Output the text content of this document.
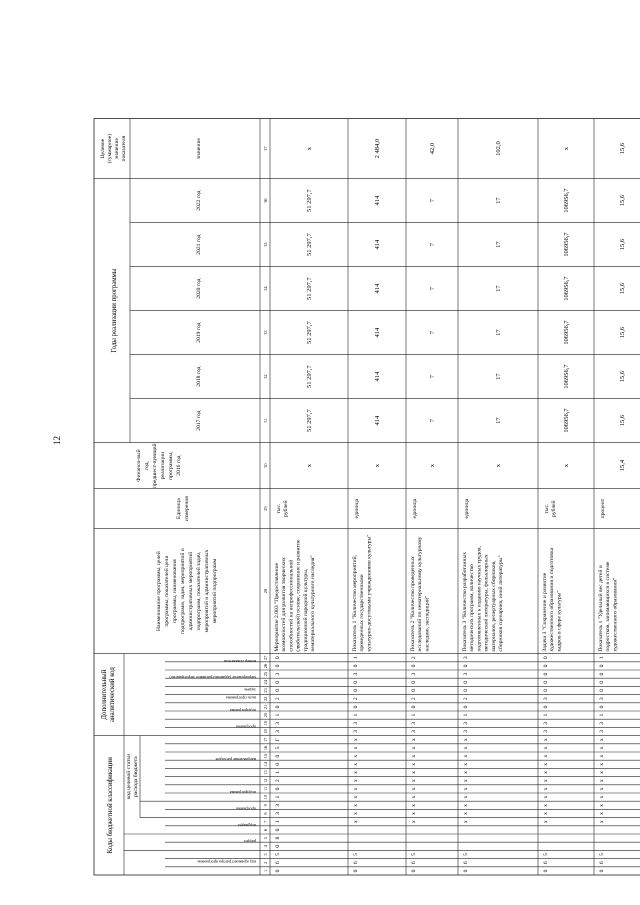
12
Коды бюджетной классификации
Дополнительныйаналитический код
код целевой статьирасхода бюджета
код администратора программы
раздел
подраздел
программа
подпрограмма
направление расходов
программа
подпрограмма
цель программы
задача
мероприятие (административное мероприятие)
номер показателя
Наименование программы, целей программы, показателей цели программы, наименования подпрограмм, задач, мероприятий и административных мероприятий подпрограмм, показателей задач, мероприятий и административных мероприятий подпрограмм
Единица измерения
Финансо-вый год, предшест-вующий реализации программы, 2016 год
Годы реализации программы
2017 год
2018 год
2019 год
2020 год
2021 год
2022 год
Целевое(суммарное)значениепоказателя	значение
1
2
3
4
5
6
7
8
9
10
11
12
13
14
15
16
17
18
19
20
21
22
23
24
25
26
27
28
29
30
31
32
33
34
35
36
37
0
6
5
0
8
0
1
3
3
1
0
2
1
0
0
5
Г
3
3
1
0
2
0
0
3
0
0
Мероприятие 2.003 "Предоставлениевозможностей для развития творческихспособностей на непрофессиональной(любительской) основе, сохранение и развитиетрадиционной народной культуры,нематериального культурного наследия"
тыс.рублей
x
51 297,7
51 297,7
51 297,7
51 297,7
51 297,7
51 297,7
x
0
6
5
x
x
x
x
x
x
x
x
x
x
x
3
3
1
0
2
0
0
3
0
1
Показатель 1 "Количество мероприятий,проведенных государственнымикультурно-досуговыми учреждениями культуры"
единица
x
414
414
414
414
414
414
2 484,0
0
6
5
x
x
x
x
x
x
x
x
x
x
x
3
3
1
0
2
0
0
3
0
2
Показатель 2 "Количество проведенныхисследований по нематериальному культурномунаследию, экспедиций"
единица
x
7
7
7
7
7
7
42,0
0
6
5
x
x
x
x
x
x
x
x
x
x
x
3
3
1
0
2
0
0
3
0
3
Показатель 3 "Количество разработанныхметодических программ, количествоподготовленных к изданию научных трудов,методической литературы, фольклорныхматериалов, репертуарных сборников,сборников сценариев, иной литературы"
единица
x
17
17
17
17
17
17
102,0
0
6
5
x
x
x
x
x
x
x
x
x
x
x
3
3
1
0
3
0
0
0
0
0
Задача 3 "Сохранение и развитиехудожественного образования и подготовкакадров в сфере культуры"
тыс.рублей
x
106956,7
106956,7
106956,7
106956,7
106956,7
106956,7
x
0
6
5
x
x
x
x
x
x
x
x
x
x
x
3
3
1
0
3
0
0
0
0
1
Показатель 1 "Удельный вес детей иподростков, занимающихся в системехудожественного образования"
процент
15,4
15,6
15,6
15,6
15,6
15,6
15,6
15,6
